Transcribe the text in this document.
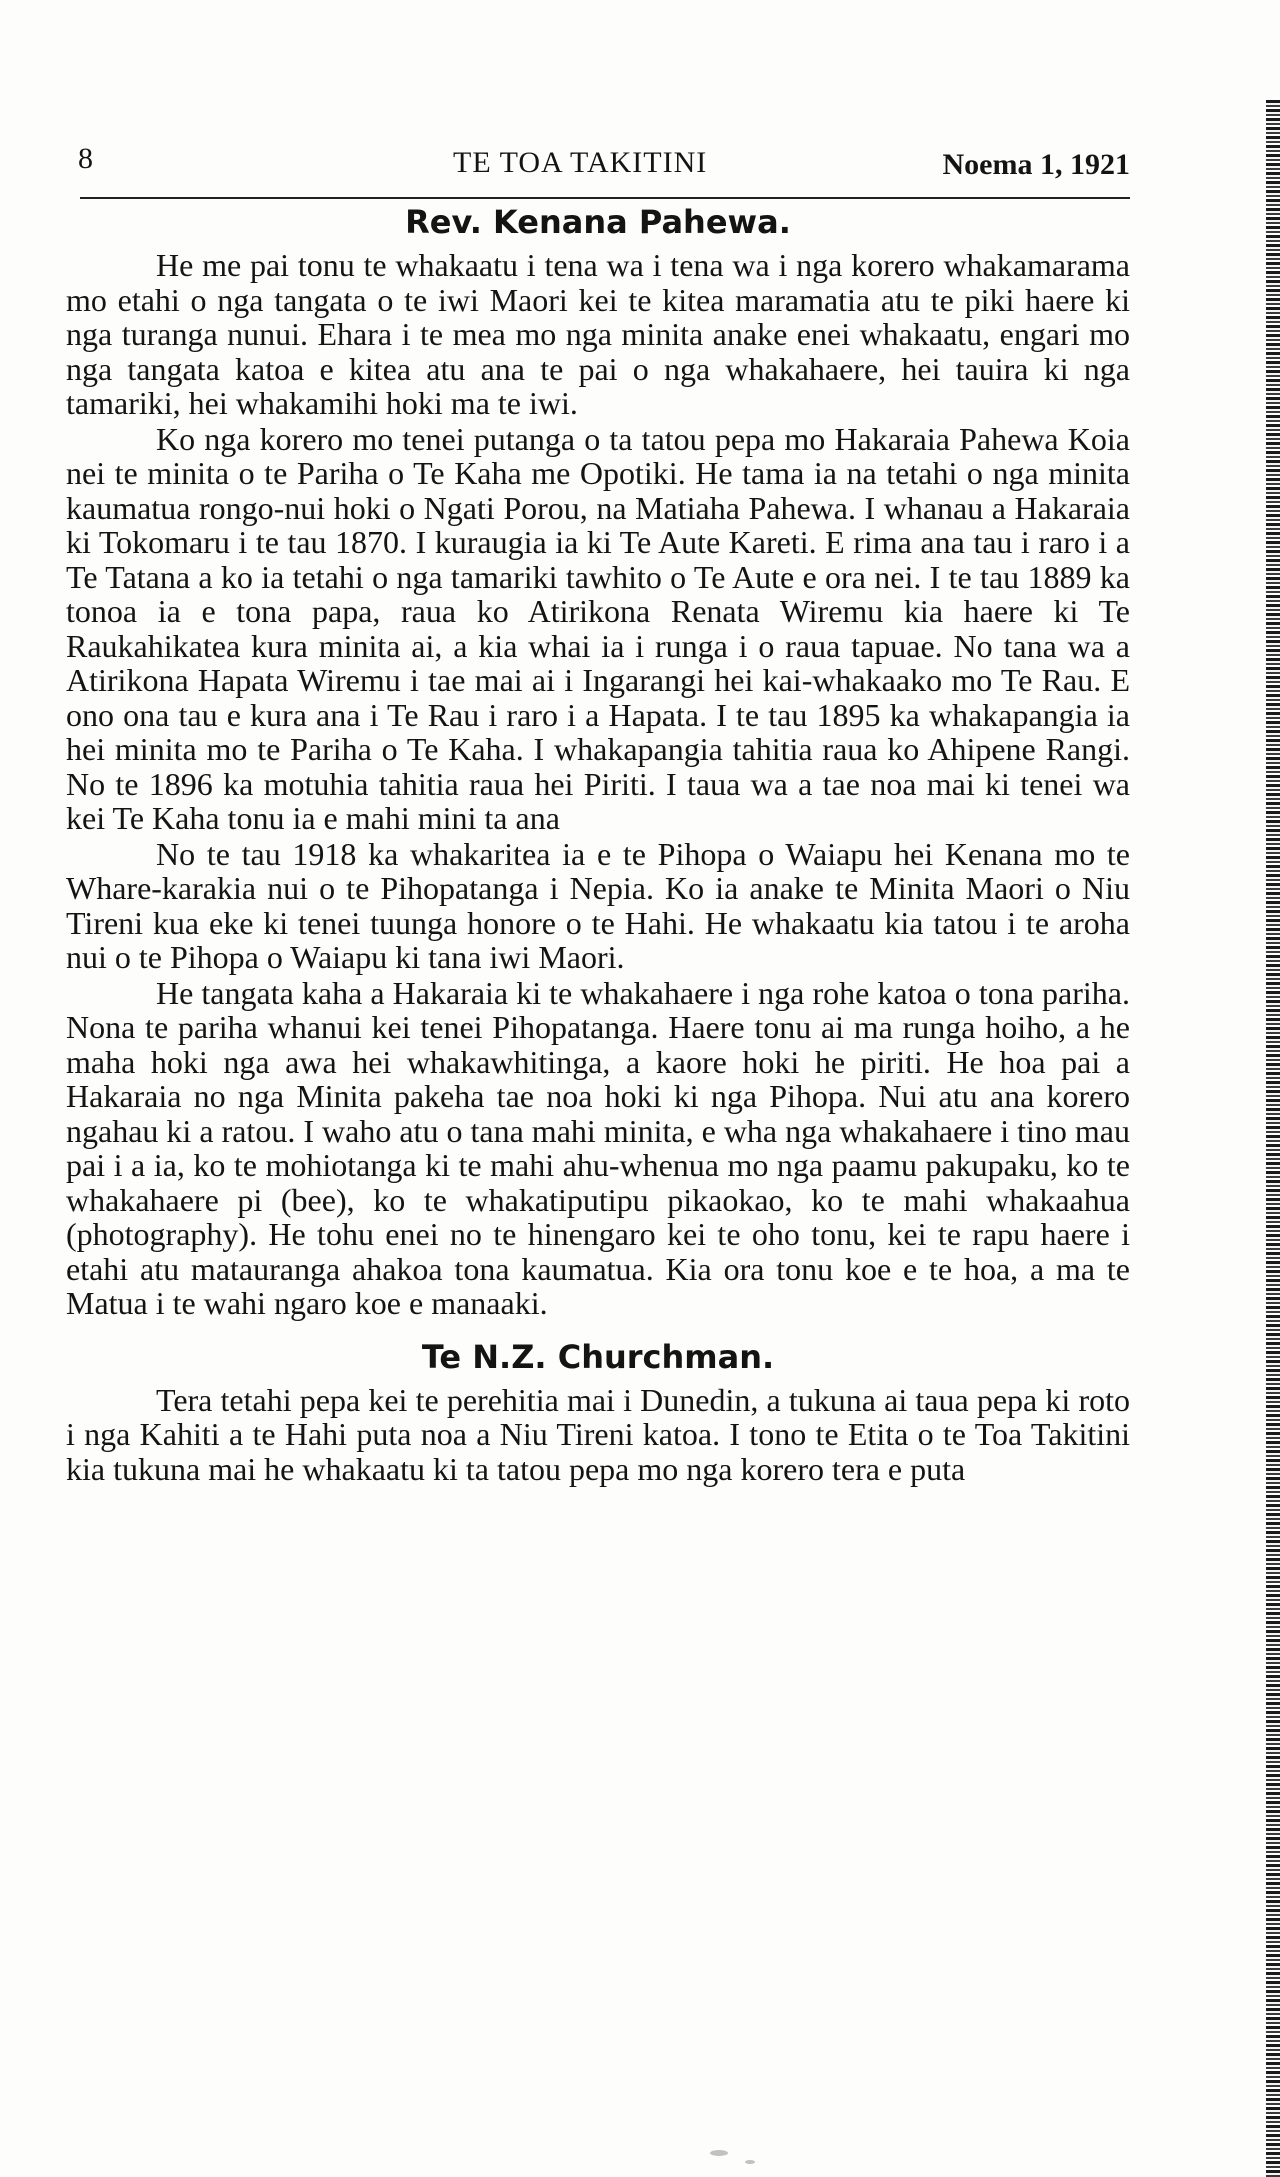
8	TE TOA TAKITINI	Noema 1, 1921
Rev. Kenana Pahewa.

He me pai tonu te whakaatu i tena wa i tena wa i nga korero whakamarama mo etahi o nga tangata o te iwi Maori kei te kitea maramatia atu te piki haere ki nga turanga nunui. Ehara i te mea mo nga minita anake enei whakaatu, engari mo nga tangata katoa e kitea atu ana te pai o nga whakahaere, hei tauira ki nga tamariki, hei whakamihi hoki ma te iwi.

Ko nga korero mo tenei putanga o ta tatou pepa mo Hakaraia Pahewa Koia nei te minita o te Pariha o Te Kaha me Opotiki. He tama ia na tetahi o nga minita kaumatua rongo-nui hoki o Ngati Porou, na Matiaha Pahewa. I whanau a Hakaraia ki Tokomaru i te tau 1870. I kuraugia ia ki Te Aute Kareti. E rima ana tau i raro i a Te Tatana a ko ia tetahi o nga tamariki tawhito o Te Aute e ora nei. I te tau 1889 ka tonoa ia e tona papa, raua ko Atirikona Renata Wiremu kia haere ki Te Raukahikatea kura minita ai, a kia whai ia i runga i o raua tapuae. No tana wa a Atirikona Hapata Wiremu i tae mai ai i Ingarangi hei kai-whakaako mo Te Rau. E ono ona tau e kura ana i Te Rau i raro i a Hapata. I te tau 1895 ka whakapangia ia hei minita mo te Pariha o Te Kaha. I whakapangia tahitia raua ko Ahipene Rangi. No te 1896 ka motuhia tahitia raua hei Piriti. I taua wa a tae noa mai ki tenei wa kei Te Kaha tonu ia e mahi mini ta ana

No te tau 1918 ka whakaritea ia e te Pihopa o Waiapu hei Kenana mo te Whare-karakia nui o te Pihopatanga i Nepia. Ko ia anake te Minita Maori o Niu Tireni kua eke ki tenei tuunga honore o te Hahi. He whakaatu kia tatou i te aroha nui o te Pihopa o Waiapu ki tana iwi Maori.

He tangata kaha a Hakaraia ki te whakahaere i nga rohe katoa o tona pariha. Nona te pariha whanui kei tenei Pihopatanga. Haere tonu ai ma runga hoiho, a he maha hoki nga awa hei whakawhitinga, a kaore hoki he piriti. He hoa pai a Hakaraia no nga Minita pakeha tae noa hoki ki nga Pihopa. Nui atu ana korero ngahau ki a ratou. I waho atu o tana mahi minita, e wha nga whakahaere i tino mau pai i a ia, ko te mohiotanga ki te mahi ahu-whenua mo nga paamu pakupaku, ko te whakahaere pi (bee), ko te whakatiputipu pikaokao, ko te mahi whakaahua (photography). He tohu enei no te hinengaro kei te oho tonu, kei te rapu haere i etahi atu matauranga ahakoa tona kaumatua. Kia ora tonu koe e te hoa, a ma te Matua i te wahi ngaro koe e manaaki.

Te N.Z. Churchman.

Tera tetahi pepa kei te perehitia mai i Dunedin, a tukuna ai taua pepa ki roto i nga Kahiti a te Hahi puta noa a Niu Tireni katoa. I tono te Etita o te Toa Takitini kia tukuna mai he whakaatu ki ta tatou pepa mo nga korero tera e puta
